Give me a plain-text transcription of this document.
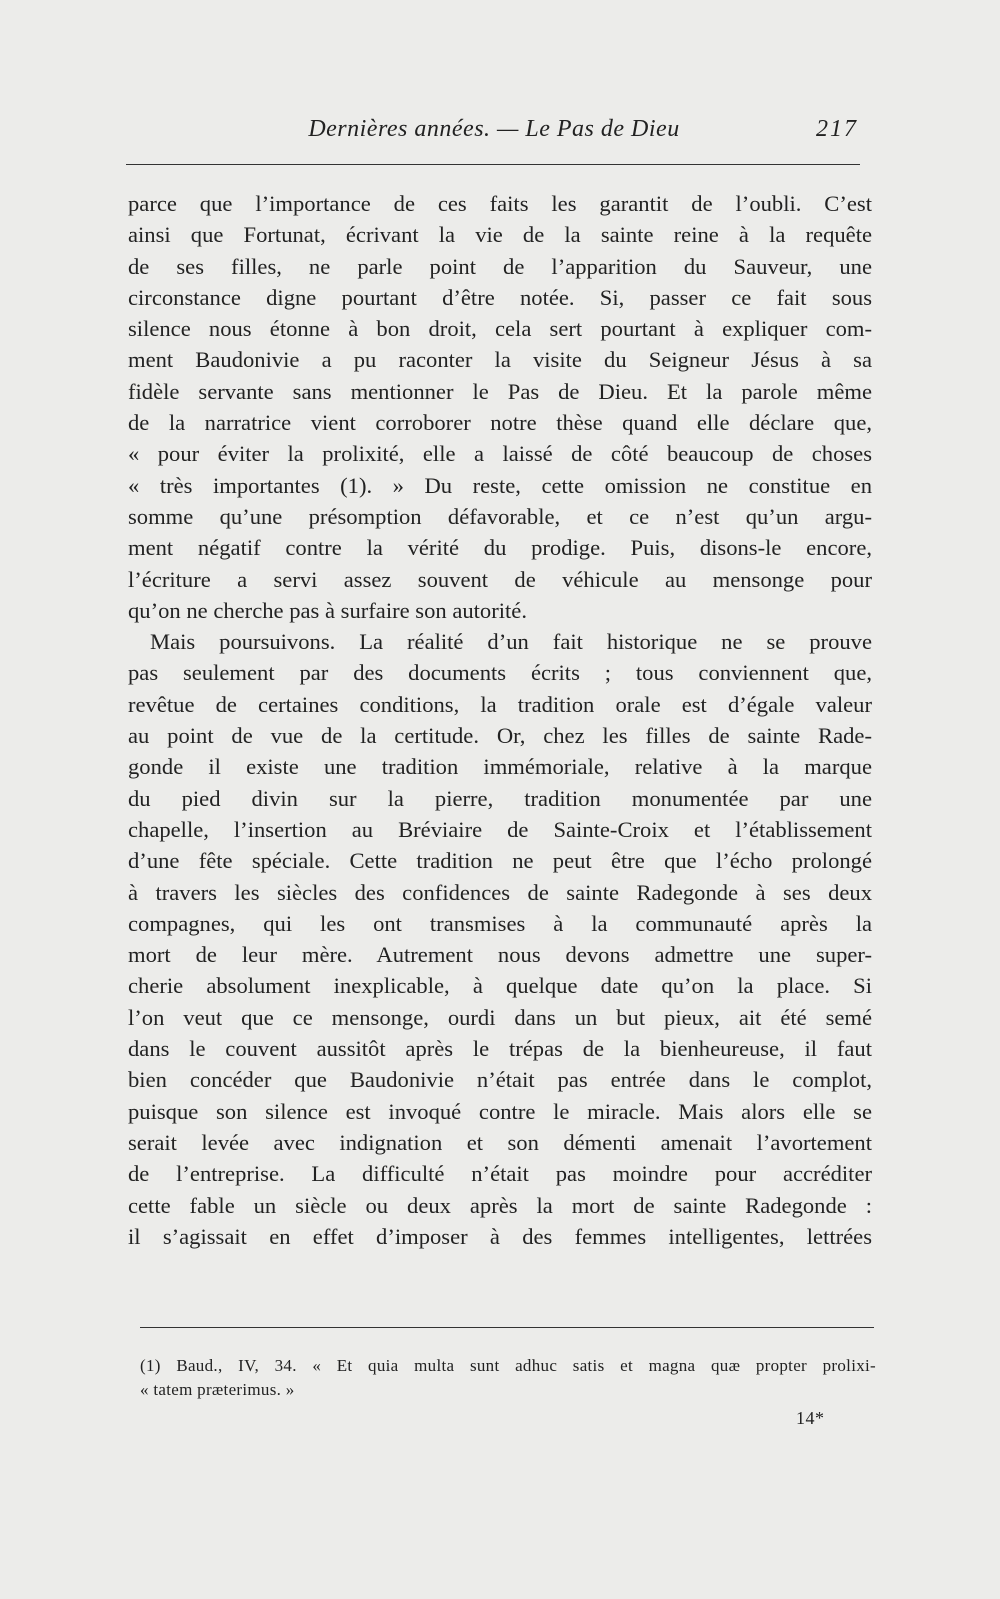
Dernières années. — Le Pas de Dieu	217
parce que l’importance de ces faits les garantit de l’oubli. C’est
ainsi que Fortunat, écrivant la vie de la sainte reine à la requête
de ses filles, ne parle point de l’apparition du Sauveur, une
circonstance digne pourtant d’être notée. Si, passer ce fait sous
silence nous étonne à bon droit, cela sert pourtant à expliquer com-
ment Baudonivie a pu raconter la visite du Seigneur Jésus à sa
fidèle servante sans mentionner le Pas de Dieu. Et la parole même
de la narratrice vient corroborer notre thèse quand elle déclare que,
« pour éviter la prolixité, elle a laissé de côté beaucoup de choses
« très importantes (1). » Du reste, cette omission ne constitue en
somme qu’une présomption défavorable, et ce n’est qu’un argu-
ment négatif contre la vérité du prodige. Puis, disons-le encore,
l’écriture a servi assez souvent de véhicule au mensonge pour
qu’on ne cherche pas à surfaire son autorité.
Mais poursuivons. La réalité d’un fait historique ne se prouve
pas seulement par des documents écrits ; tous conviennent que,
revêtue de certaines conditions, la tradition orale est d’égale valeur
au point de vue de la certitude. Or, chez les filles de sainte Rade-
gonde il existe une tradition immémoriale, relative à la marque
du pied divin sur la pierre, tradition monumentée par une
chapelle, l’insertion au Bréviaire de Sainte-Croix et l’établissement
d’une fête spéciale. Cette tradition ne peut être que l’écho prolongé
à travers les siècles des confidences de sainte Radegonde à ses deux
compagnes, qui les ont transmises à la communauté après la
mort de leur mère. Autrement nous devons admettre une super-
cherie absolument inexplicable, à quelque date qu’on la place. Si
l’on veut que ce mensonge, ourdi dans un but pieux, ait été semé
dans le couvent aussitôt après le trépas de la bienheureuse, il faut
bien concéder que Baudonivie n’était pas entrée dans le complot,
puisque son silence est invoqué contre le miracle. Mais alors elle se
serait levée avec indignation et son démenti amenait l’avortement
de l’entreprise. La difficulté n’était pas moindre pour accréditer
cette fable un siècle ou deux après la mort de sainte Radegonde :
il s’agissait en effet d’imposer à des femmes intelligentes, lettrées
(1) Baud., IV, 34. « Et quia multa sunt adhuc satis et magna quæ propter prolixi-
« tatem præterimus. »
14*
